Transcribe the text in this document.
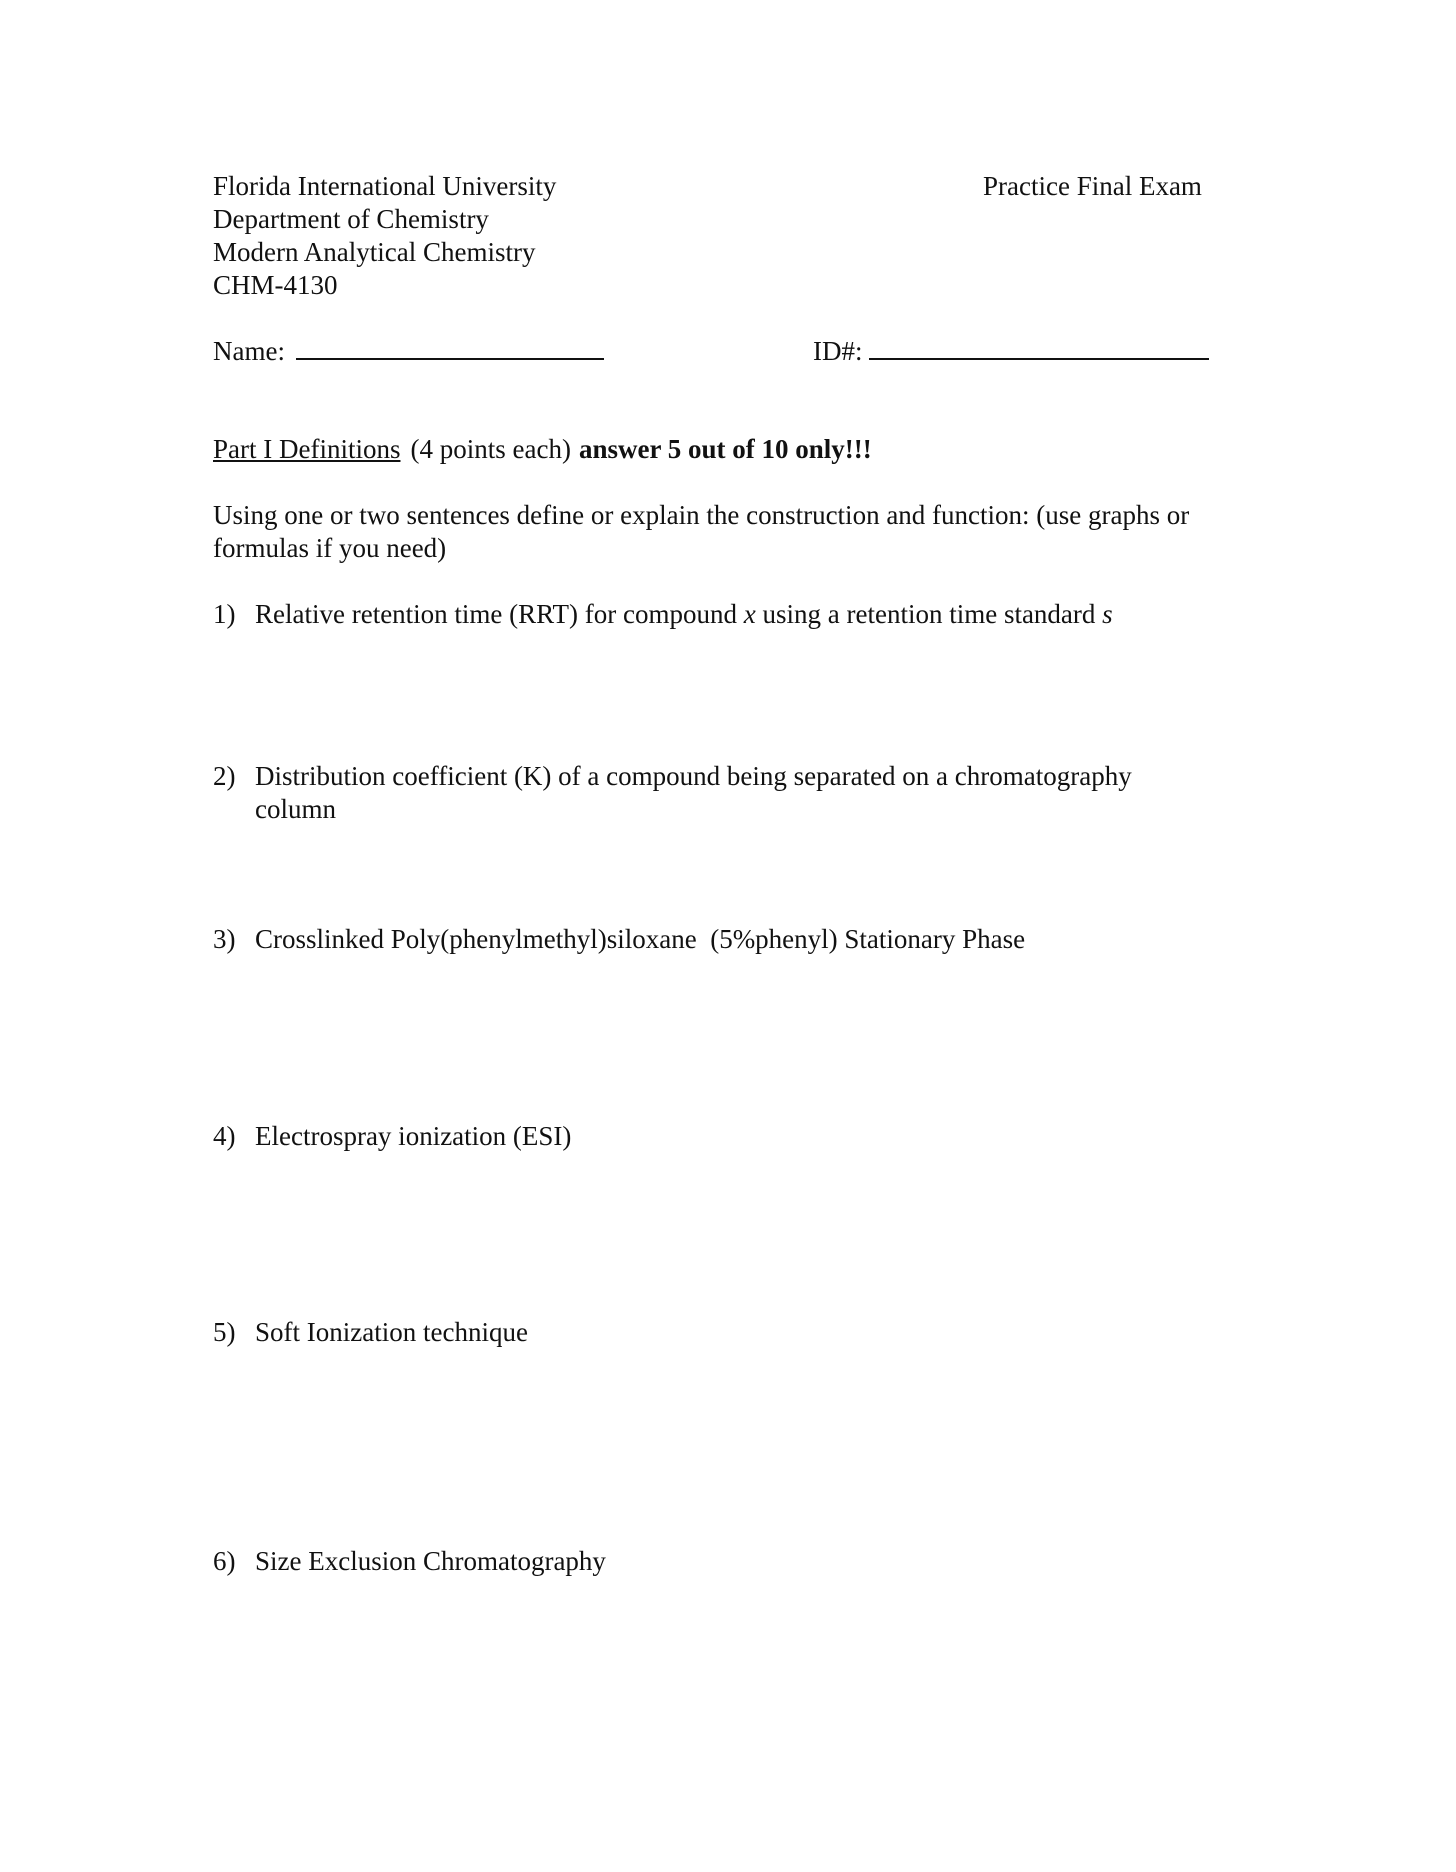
Florida International University
Department of Chemistry
Modern Analytical Chemistry
CHM-4130
Practice Final Exam
Name:	ID#:
Part I Definitions (4 points each) answer 5 out of 10 only!!!
Using one or two sentences define or explain the construction and function: (use graphs or formulas if you need)
1) Relative retention time (RRT) for compound x using a retention time standard s
2) Distribution coefficient (K) of a compound being separated on a chromatography column
3) Crosslinked Poly(phenylmethyl)siloxane  (5%phenyl) Stationary Phase
4) Electrospray ionization (ESI)
5) Soft Ionization technique
6) Size Exclusion Chromatography
